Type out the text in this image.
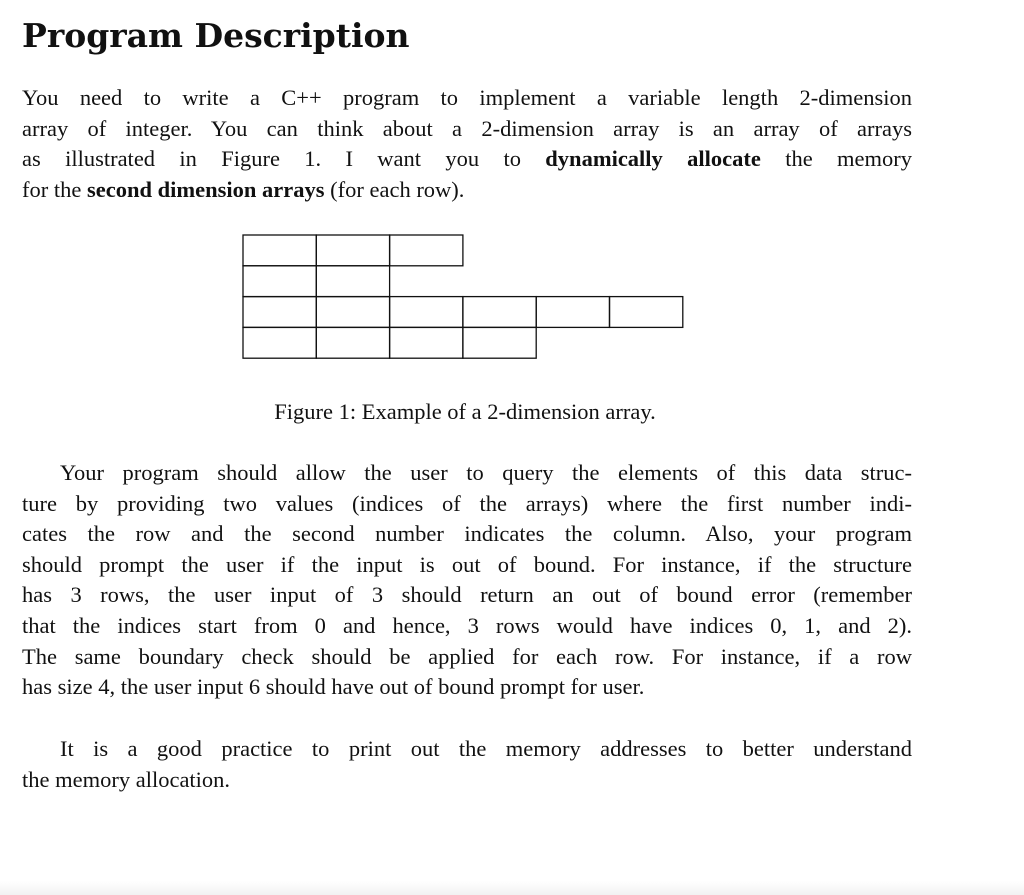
Program Description
You need to write a C++ program to implement a variable length 2-dimension
array of integer. You can think about a 2-dimension array is an array of arrays
as illustrated in Figure 1. I want you to dynamically allocate the memory
for the second dimension arrays (for each row).
Figure 1: Example of a 2-dimension array.
Your program should allow the user to query the elements of this data struc-
ture by providing two values (indices of the arrays) where the first number indi-
cates the row and the second number indicates the column. Also, your program
should prompt the user if the input is out of bound. For instance, if the structure
has 3 rows, the user input of 3 should return an out of bound error (remember
that the indices start from 0 and hence, 3 rows would have indices 0, 1, and 2).
The same boundary check should be applied for each row. For instance, if a row
has size 4, the user input 6 should have out of bound prompt for user.
It is a good practice to print out the memory addresses to better understand
the memory allocation.
